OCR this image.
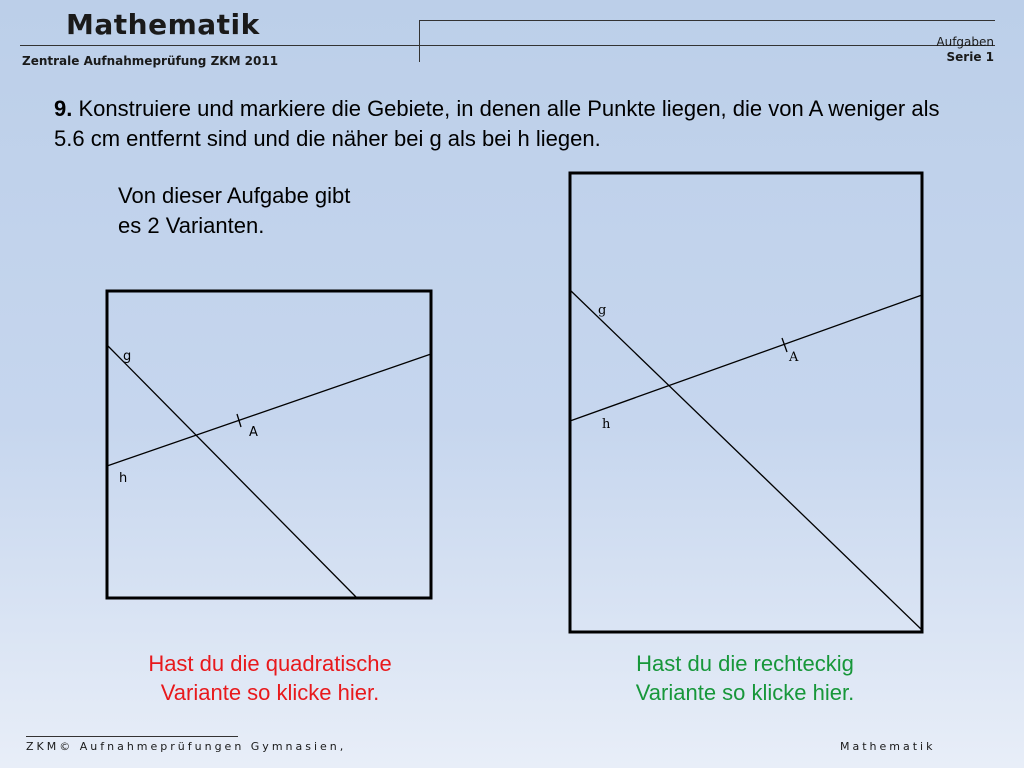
Mathematik
Zentrale Aufnahmeprüfung ZKM 2011
Aufgaben
Serie 1
9. Konstruiere und markiere die Gebiete, in denen alle Punkte liegen, die von A weniger als 5.6 cm entfernt sind und die näher bei g als bei h liegen.
Von dieser Aufgabe gibt
es 2 Varianten.
g
h
A
g
h
A
Hast du die quadratische
Variante so klicke hier.
Hast du die rechteckig
Variante so klicke hier.
ZKM© Aufnahmeprüfungen Gymnasien,	Mathematik
